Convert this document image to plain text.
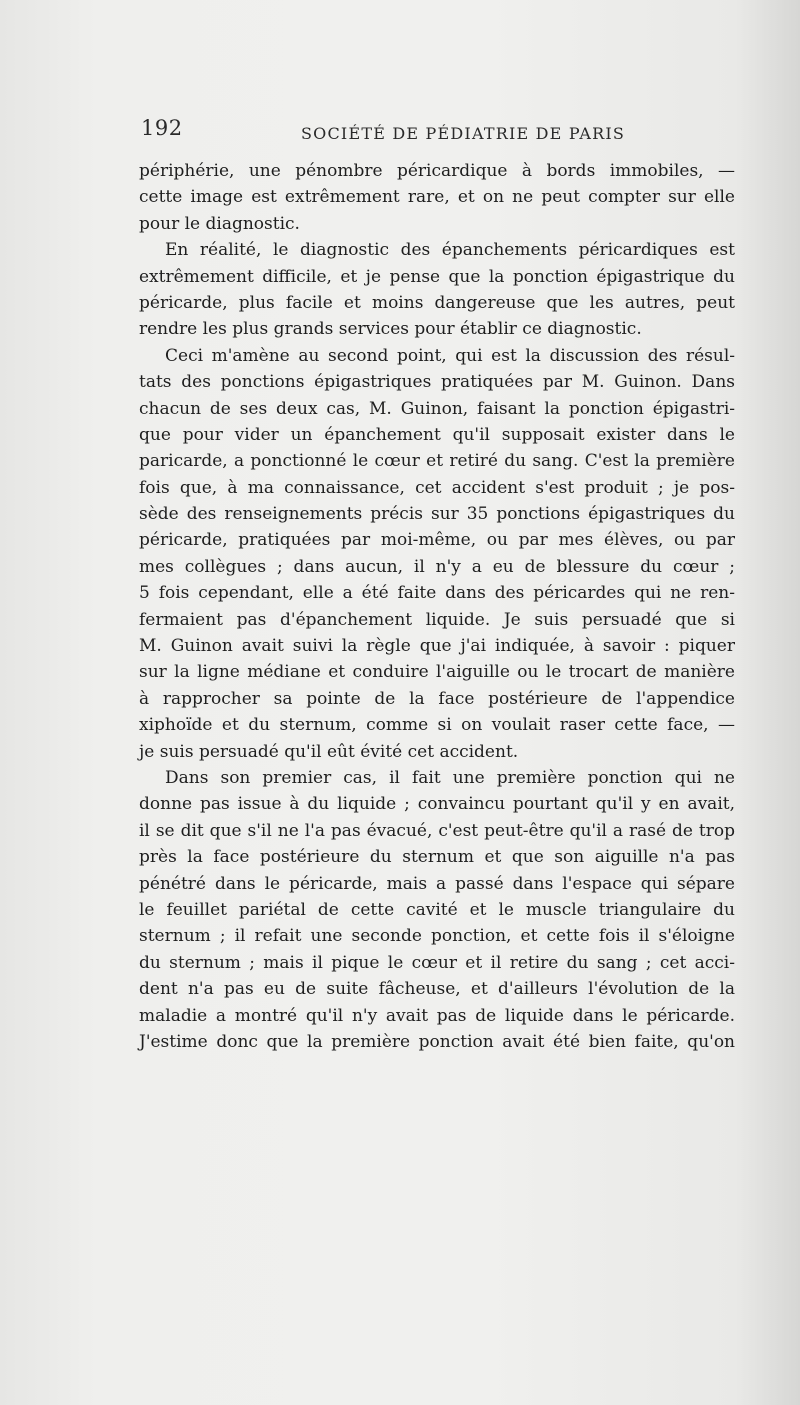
192	SOCIÉTÉ DE PÉDIATRIE DE PARIS
périphérie, une pénombre péricardique à bords immobiles, —
cette image est extrêmement rare, et on ne peut compter sur elle
pour le diagnostic.
En réalité, le diagnostic des épanchements péricardiques est
extrêmement difficile, et je pense que la ponction épigastrique du
péricarde, plus facile et moins dangereuse que les autres, peut
rendre les plus grands services pour établir ce diagnostic.
Ceci m'amène au second point, qui est la discussion des résul-
tats des ponctions épigastriques pratiquées par M. Guinon. Dans
chacun de ses deux cas, M. Guinon, faisant la ponction épigastri-
que pour vider un épanchement qu'il supposait exister dans le
paricarde, a ponctionné le cœur et retiré du sang. C'est la première
fois que, à ma connaissance, cet accident s'est produit ; je pos-
sède des renseignements précis sur 35 ponctions épigastriques du
péricarde, pratiquées par moi-même, ou par mes élèves, ou par
mes collègues ; dans aucun, il n'y a eu de blessure du cœur ;
5 fois cependant, elle a été faite dans des péricardes qui ne ren-
fermaient pas d'épanchement liquide. Je suis persuadé que si
M. Guinon avait suivi la règle que j'ai indiquée, à savoir : piquer
sur la ligne médiane et conduire l'aiguille ou le trocart de manière
à rapprocher sa pointe de la face postérieure de l'appendice
xiphoïde et du sternum, comme si on voulait raser cette face, —
je suis persuadé qu'il eût évité cet accident.
Dans son premier cas, il fait une première ponction qui ne
donne pas issue à du liquide ; convaincu pourtant qu'il y en avait,
il se dit que s'il ne l'a pas évacué, c'est peut-être qu'il a rasé de trop
près la face postérieure du sternum et que son aiguille n'a pas
pénétré dans le péricarde, mais a passé dans l'espace qui sépare
le feuillet pariétal de cette cavité et le muscle triangulaire du
sternum ; il refait une seconde ponction, et cette fois il s'éloigne
du sternum ; mais il pique le cœur et il retire du sang ; cet acci-
dent n'a pas eu de suite fâcheuse, et d'ailleurs l'évolution de la
maladie a montré qu'il n'y avait pas de liquide dans le péricarde.
J'estime donc que la première ponction avait été bien faite, qu'on
